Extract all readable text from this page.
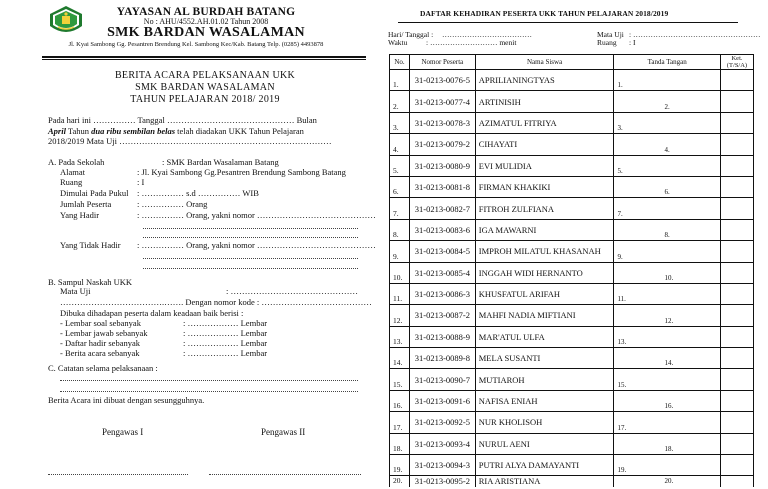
YAYASAN AL BURDAH BATANG
No : AHU/4552.AH.01.02 Tahun 2008
SMK BARDAN WASALAMAN
Jl. Kyai Sambong Gg. Pesantren Brendung Kel. Sambong Kec/Kab. Batang Telp. (0285) 4493878
BERITA ACARA PELAKSANAAN UKK
SMK BARDAN WASALAMAN
TAHUN PELAJARAN 2018/ 2019
Pada hari ini …………… Tanggal ……………………………………… Bulan
April Tahun dua ribu sembilan belas telah diadakan UKK Tahun Pelajaran
2018/2019 Mata Uji …………………………………………………………………
A. Pada Sekolah	: SMK Bardan Wasalaman Batang
Alamat	: Jl. Kyai Sambong Gg.Pesantren Brendung Sambong Batang
Ruang	: I
Dimulai Pada Pukul : …………… s.d …………… WIB
Jumlah Peserta	: …………… Orang
Yang Hadir	: …………… Orang, yakni nomor ……………………………………
Yang Tidak Hadir : …………… Orang, yakni nomor ……………………………………
B. Sampul Naskah UKK
Mata Uji	: ………………………………………
……………………………….……. Dengan nomor kode : …………………………………
Dibuka dihadapan peserta dalam keadaan baik berisi :
- Lembar soal sebanyak	: ……………… Lembar
- Lembar jawab sebanyak	: ……………… Lembar
- Daftar hadir sebanyak	: ……………… Lembar
- Berita acara sebanyak	: ……………… Lembar
C. Catatan selama pelaksanaan :
Berita Acara ini dibuat dengan sesungguhnya.
Pengawas I	Pengawas II
DAFTAR KEHADIRAN PESERTA UKK TAHUN PELAJARAN 2018/2019
Hari/ Tanggal : ………………………………
Waktu : ……………………… menit
Mata Uji : ……………………………………………
Ruang : I
No.	Nomor Peserta	Nama Siswa	Tanda Tangan	Ket.
(T/S/A)

1.	31-0213-0076-5	APRILIANINGTYAS	1.	

2.	31-0213-0077-4	ARTINISIH	2.	

3.	31-0213-0078-3	AZIMATUL FITRIYA	3.	

4.	31-0213-0079-2	CIHAYATI	4.	

5.	31-0213-0080-9	EVI MULIDIA	5.	

6.	31-0213-0081-8	FIRMAN KHAKIKI	6.	

7.	31-0213-0082-7	FITROH ZULFIANA	7.	

8.	31-0213-0083-6	IGA MAWARNI	8.	

9.	31-0213-0084-5	IMPROH MILATUL KHASANAH	9.	

10.	31-0213-0085-4	INGGAH WIDI HERNANTO	10.	

11.	31-0213-0086-3	KHUSFATUL ARIFAH	11.	

12.	31-0213-0087-2	MAHFI NADIA MIFTIANI	12.	

13.	31-0213-0088-9	MAR'ATUL ULFA	13.	

14.	31-0213-0089-8	MELA SUSANTI	14.	

15.	31-0213-0090-7	MUTIAROH	15.	

16.	31-0213-0091-6	NAFISA ENIAH	16.	

17.	31-0213-0092-5	NUR KHOLISOH	17.	

18.	31-0213-0093-4	NURUL AENI	18.	

19.	31-0213-0094-3	PUTRI ALYA DAMAYANTI	19.	

20.	31-0213-0095-2	RIA ARISTIANA	20.	
